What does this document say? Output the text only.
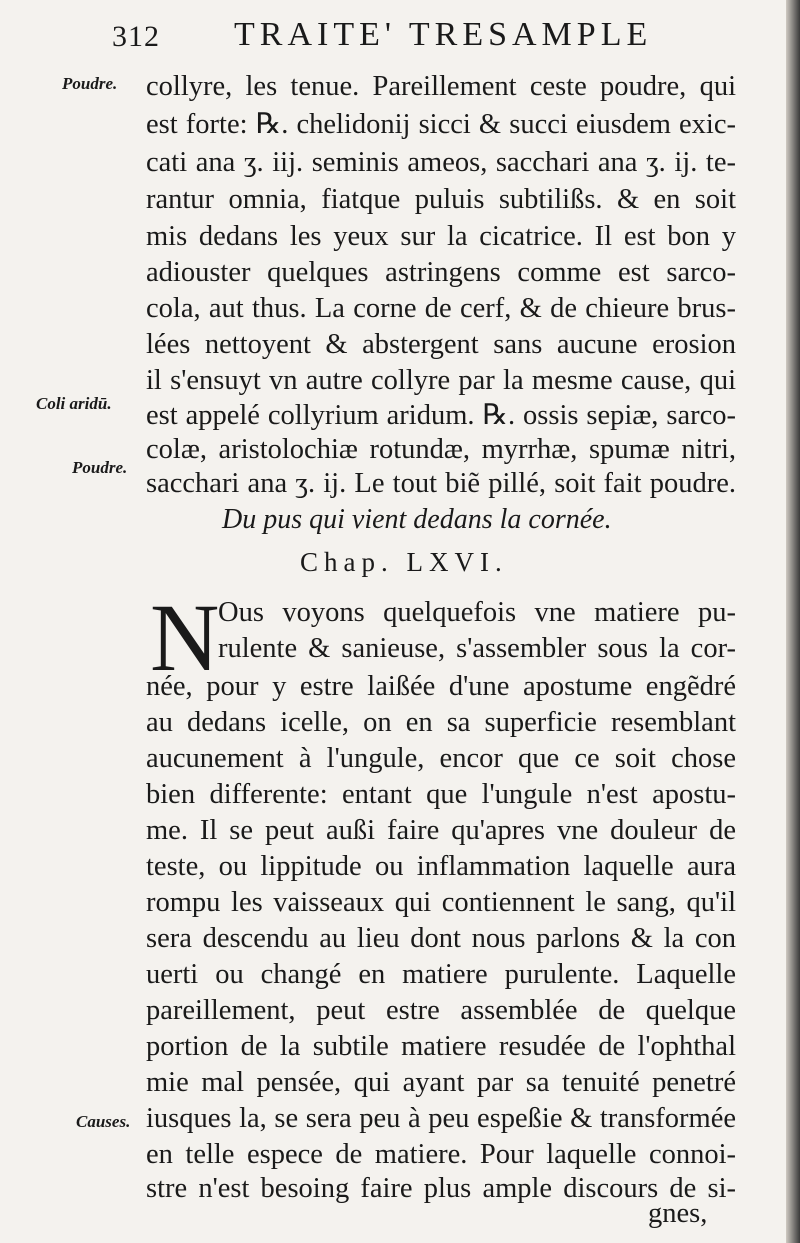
312 TRAITE' TRESAMPLE
Poudre.
Coli aridū.
Poudre.
Causes.
collyre, les tenue. Pareillement ceste poudre, qui
est forte: ℞. chelidonij sicci & succi eiusdem exic-
cati ana ʒ. iij. seminis ameos, sacchari ana ʒ. ij. te-
rantur omnia, fiatque puluis subtilißs. & en soit
mis dedans les yeux sur la cicatrice. Il est bon y
adiouster quelques astringens comme est sarco-
cola, aut thus. La corne de cerf, & de chieure brus-
lées nettoyent & abstergent sans aucune erosion
il s'ensuyt vn autre collyre par la mesme cause, qui
est appelé collyrium aridum. ℞. ossis sepiæ, sarco-
colæ, aristolochiæ rotundæ, myrrhæ, spumæ nitri,
sacchari ana ʒ. ij. Le tout biẽ pillé, soit fait poudre.
Du pus qui vient dedans la cornée.
Chap. LXVI.
N
Ous voyons quelquefois vne matiere pu-
rulente & sanieuse, s'assembler sous la cor-
née, pour y estre laißée d'une apostume engẽdré
au dedans icelle, on en sa superficie resemblant
aucunement à l'ungule, encor que ce soit chose
bien differente: entant que l'ungule n'est apostu-
me. Il se peut außi faire qu'apres vne douleur de
teste, ou lippitude ou inflammation laquelle aura
rompu les vaisseaux qui contiennent le sang, qu'il
sera descendu au lieu dont nous parlons & la con
uerti ou changé en matiere purulente. Laquelle
pareillement, peut estre assemblée de quelque
portion de la subtile matiere resudée de l'ophthal
mie mal pensée, qui ayant par sa tenuité penetré
iusques la, se sera peu à peu espeßie & transformée
en telle espece de matiere. Pour laquelle connoi-
stre n'est besoing faire plus ample discours de si-
gnes,
